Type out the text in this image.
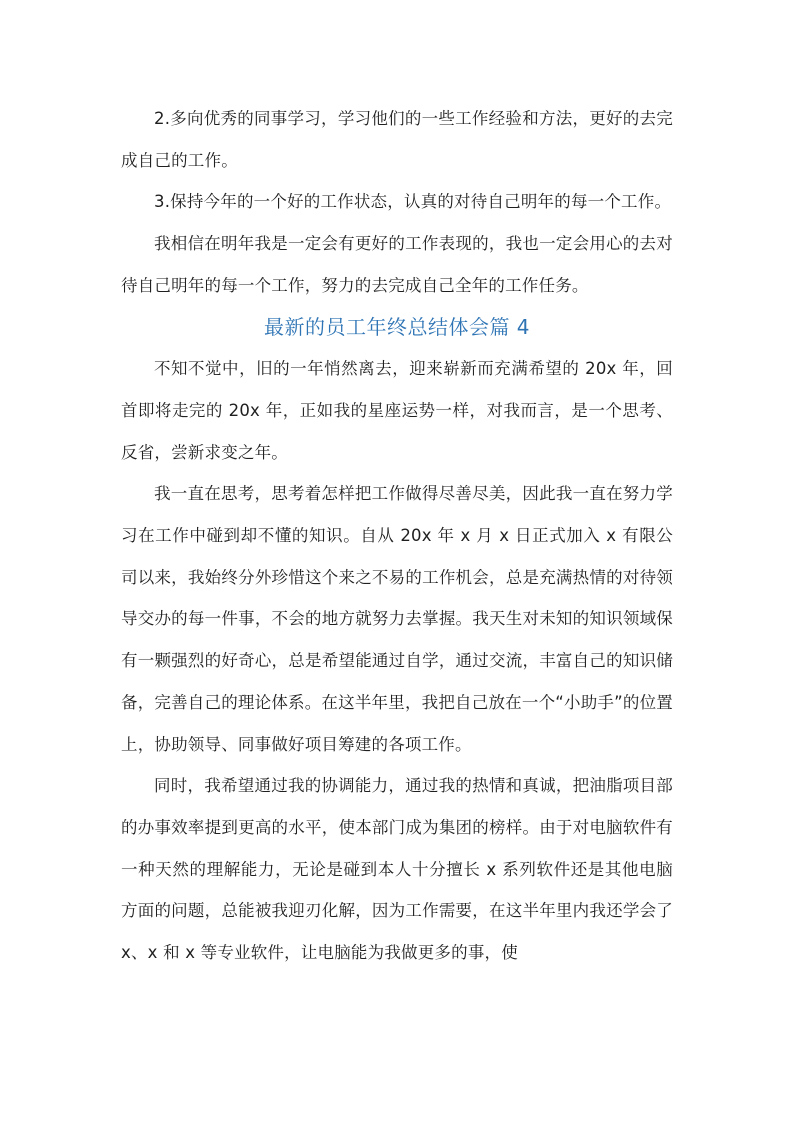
2.多向优秀的同事学习，学习他们的一些工作经验和方法，更好的去完成自己的工作。

3.保持今年的一个好的工作状态，认真的对待自己明年的每一个工作。

我相信在明年我是一定会有更好的工作表现的，我也一定会用心的去对待自己明年的每一个工作，努力的去完成自己全年的工作任务。

最新的员工年终总结体会篇 4

不知不觉中，旧的一年悄然离去，迎来崭新而充满希望的 20x 年，回首即将走完的 20x 年，正如我的星座运势一样，对我而言，是一个思考、反省，尝新求变之年。

我一直在思考，思考着怎样把工作做得尽善尽美，因此我一直在努力学习在工作中碰到却不懂的知识。自从 20x 年 x 月 x 日正式加入 x 有限公司以来，我始终分外珍惜这个来之不易的工作机会，总是充满热情的对待领导交办的每一件事，不会的地方就努力去掌握。我天生对未知的知识领域保有一颗强烈的好奇心，总是希望能通过自学，通过交流，丰富自己的知识储备，完善自己的理论体系。在这半年里，我把自己放在一个“小助手”的位置上，协助领导、同事做好项目筹建的各项工作。

同时，我希望通过我的协调能力，通过我的热情和真诚，把油脂项目部的办事效率提到更高的水平，使本部门成为集团的榜样。由于对电脑软件有一种天然的理解能力，无论是碰到本人十分擅长 x 系列软件还是其他电脑方面的问题，总能被我迎刃化解，因为工作需要，在这半年里内我还学会了 x、x 和 x 等专业软件，让电脑能为我做更多的事，使
